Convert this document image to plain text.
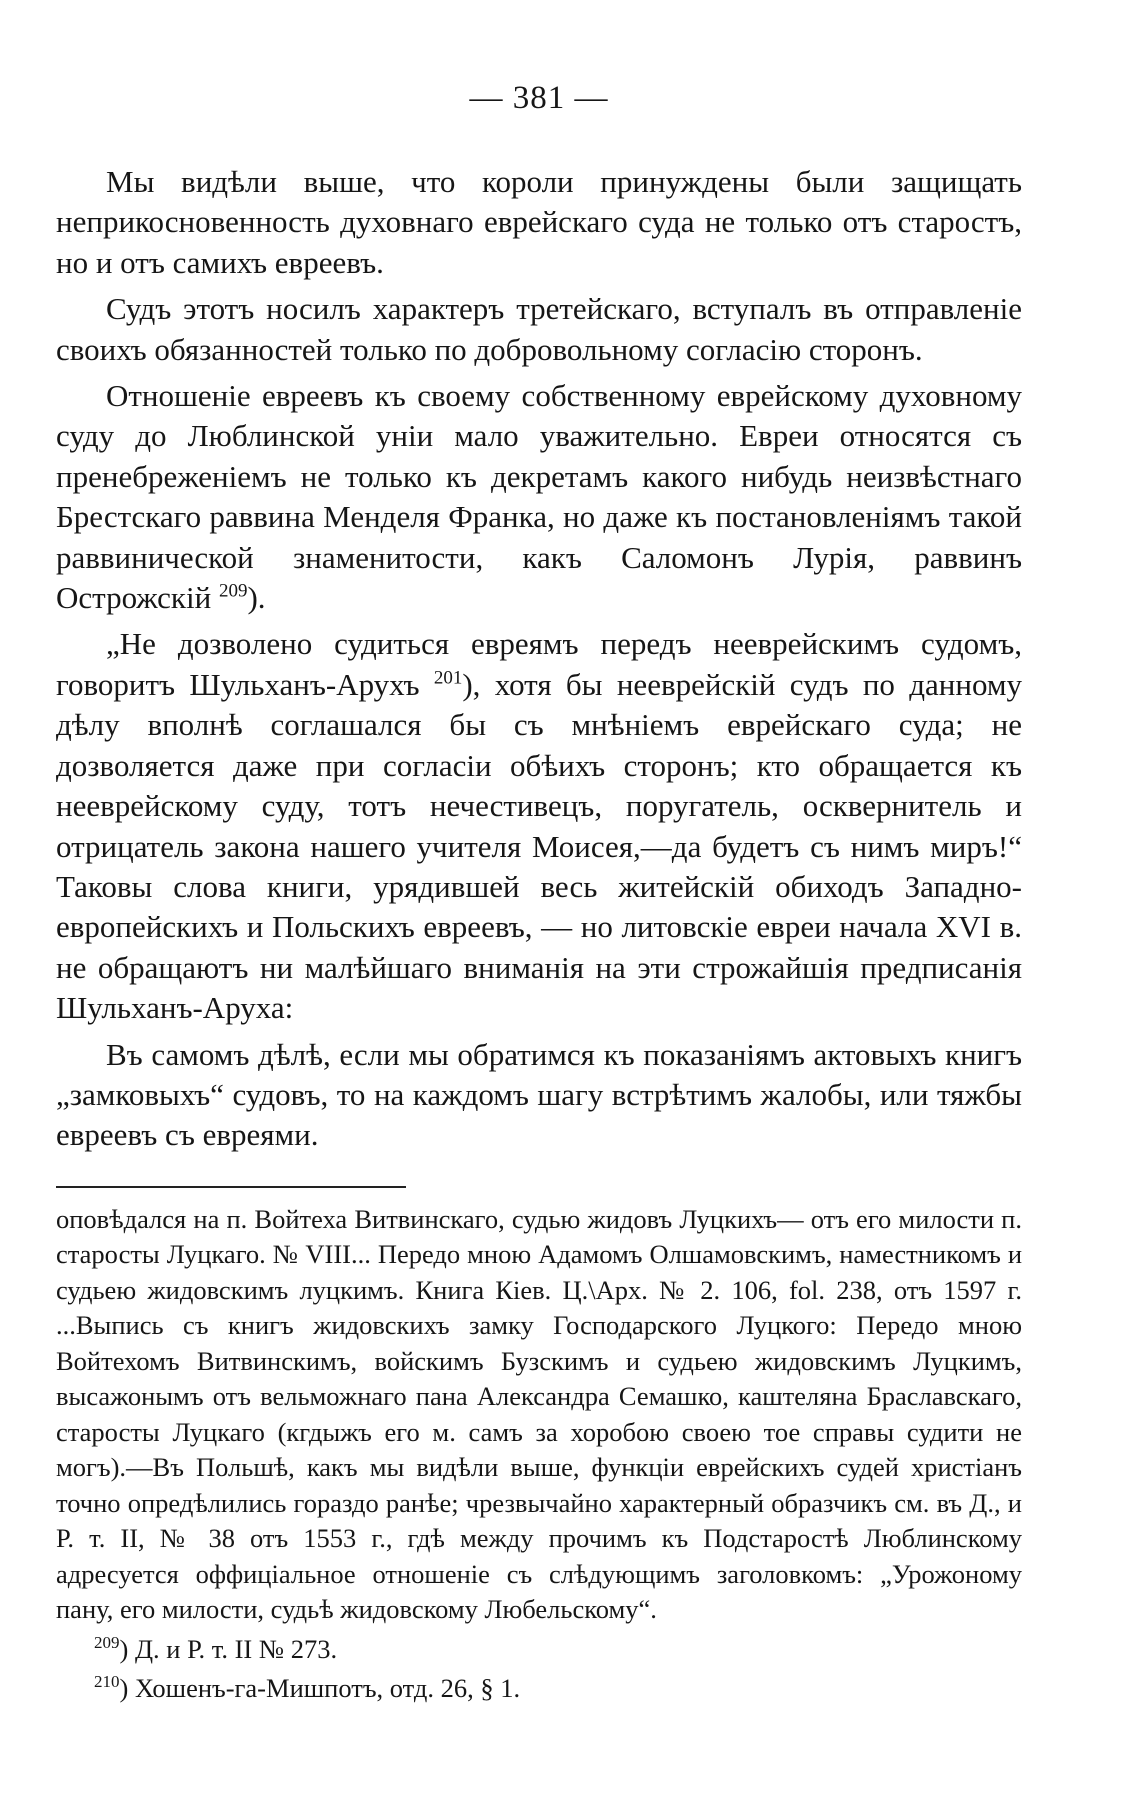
— 381 —

Мы видѣли выше, что короли принуждены были защищать неприкосновенность духовнаго еврейскаго суда не только отъ старостъ, но и отъ самихъ евреевъ.

Судъ этотъ носилъ характеръ третейскаго, вступалъ въ отправленіе своихъ обязанностей только по добровольному согласію сторонъ.

Отношеніе евреевъ къ своему собственному еврейскому духовному суду до Люблинской уніи мало уважительно. Евреи относятся съ пренебреженіемъ не только къ декретамъ какого нибудь неизвѣстнаго Брестскаго раввина Менделя Франка, но даже къ постановленіямъ такой раввинической знаменитости, какъ Саломонъ Лурія, раввинъ Острожскій $^{209}$).

„Не дозволено судиться евреямъ передъ нееврейскимъ судомъ, говоритъ Шульханъ-Арухъ $^{201}$), хотя бы нееврейскій судъ по данному дѣлу вполнѣ соглашался бы съ мнѣніемъ еврейскаго суда; не дозволяется даже при согласіи обѣихъ сторонъ; кто обращается къ нееврейскому суду, тотъ нечестивецъ, поругатель, осквернитель и отрицатель закона нашего учителя Моисея,—да будетъ съ нимъ миръ!“ Таковы слова книги, урядившей весь житейскій обиходъ Западно-европейскихъ и Польскихъ евреевъ, — но литовскіе евреи начала XVI в. не обращаютъ ни малѣйшаго вниманія на эти строжайшія предписанія Шульханъ-Аруха:

Въ самомъ дѣлѣ, если мы обратимся къ показаніямъ актовыхъ книгъ „замковыхъ“ судовъ, то на каждомъ шагу встрѣтимъ жалобы, или тяжбы евреевъ съ евреями.

оповѣдался на п. Войтеха Витвинскаго, судью жидовъ Луцкихъ— отъ его милости п. старосты Луцкаго. № VIII... Передо мною Адамомъ Олшамовскимъ, наместникомъ и судьею жидовскимъ луцкимъ. Книга Кіев. Ц.\Арх. № 2. 106, fol. 238, отъ 1597 г. ...Выпись съ книгъ жидовскихъ замку Господарского Луцкого: Передо мною Войтехомъ Витвинскимъ, войскимъ Бузскимъ и судьею жидовскимъ Луцкимъ, высажонымъ отъ вельможнаго пана Александра Семашко, каштеляна Браславскаго, старосты Луцкаго (кгдыжъ его м. самъ за хоробою своею тое справы судити не могъ).—Въ Польшѣ, какъ мы видѣли выше, функціи еврейскихъ судей христіанъ точно опредѣлились гораздо ранѣе; чрезвычайно характерный образчикъ см. въ Д., и Р. т. II, № 38 отъ 1553 г., гдѣ между прочимъ къ Подстаростѣ Люблинскому адресуется оффиціальное отношеніе съ слѣдующимъ заголовкомъ: „Урожоному пану, его милости, судьѣ жидовскому Любельскому“.

$^{209}$) Д. и Р. т. II № 273.

$^{210}$) Хошенъ-га-Мишпотъ, отд. 26, § 1.
